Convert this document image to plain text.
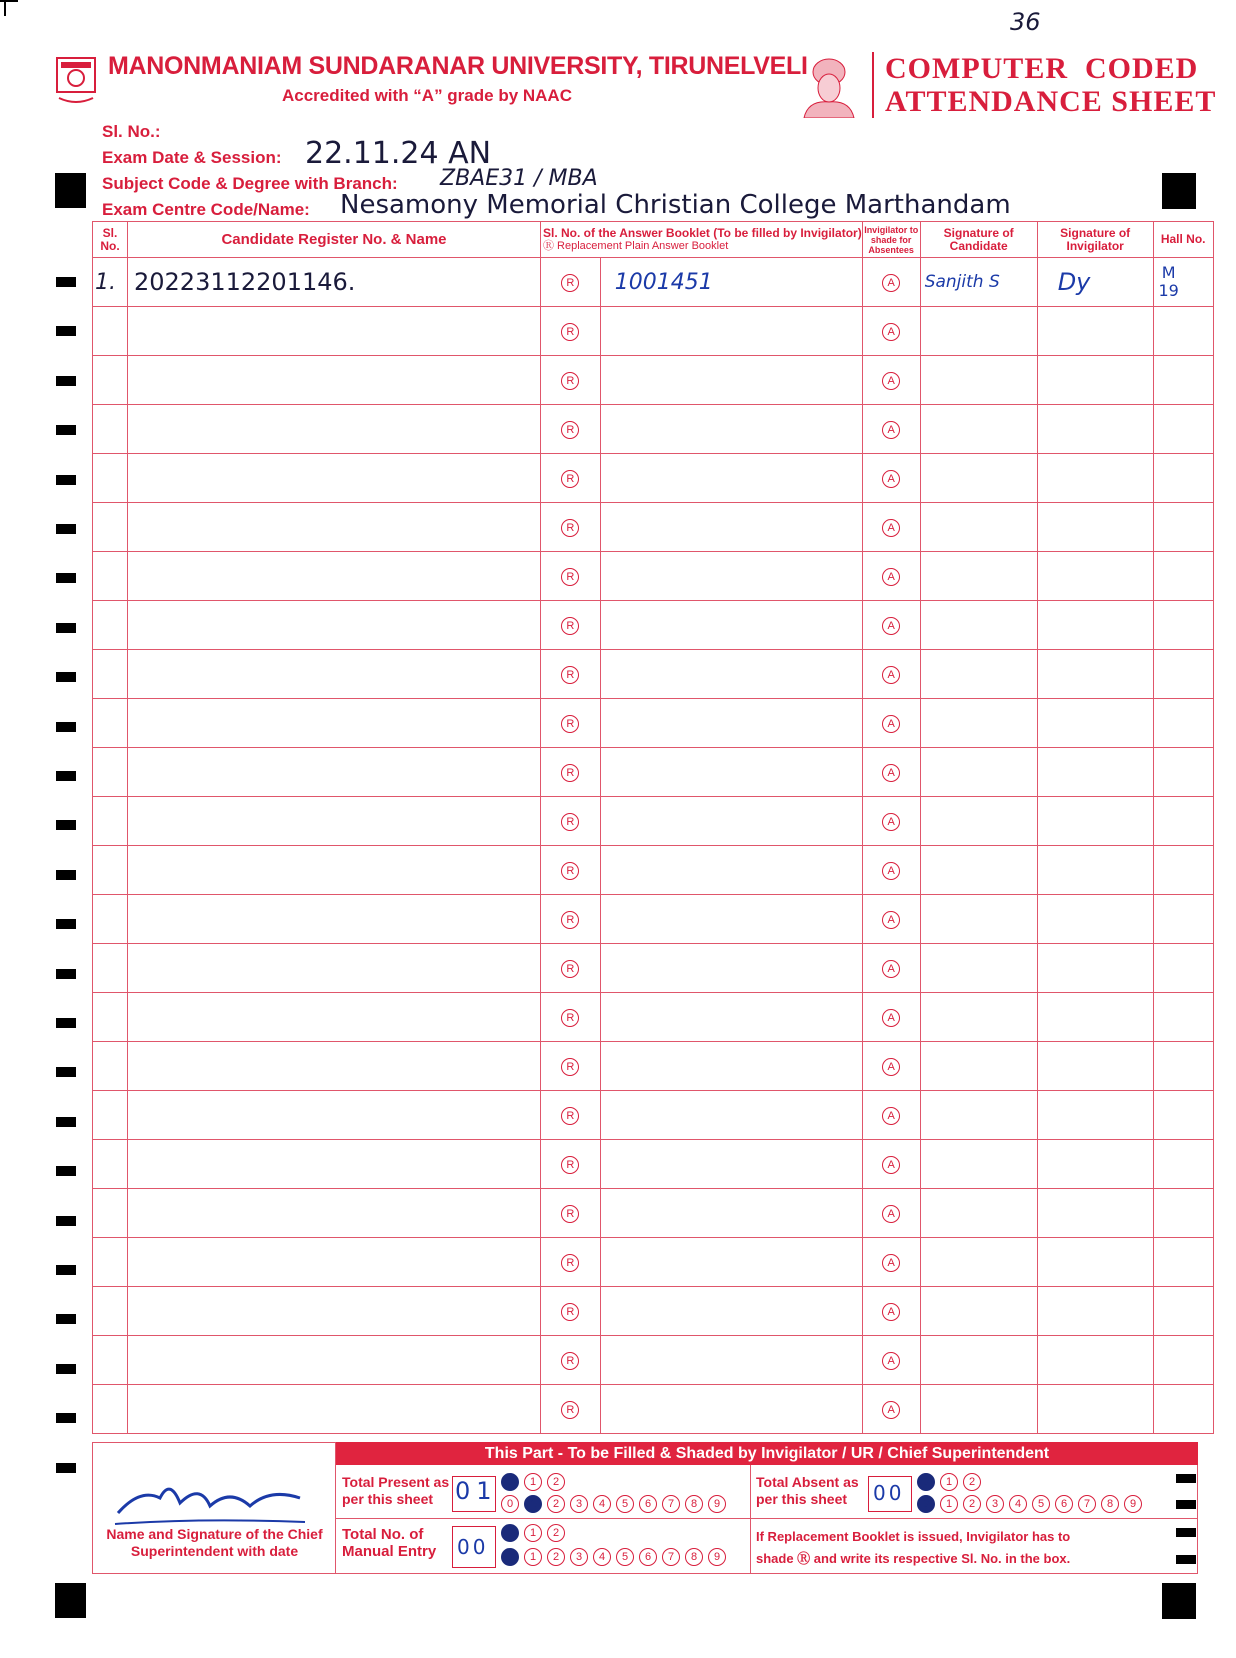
36
MANONMANIAM SUNDARANAR UNIVERSITY, TIRUNELVELI
Accredited with “A” grade by NAAC
COMPUTER  CODED
ATTENDANCE SHEET
Sl. No.:
Exam Date & Session: 22.11.24 AN
Subject Code & Degree with Branch: ZBAE31 / MBA
Exam Centre Code/Name: Nesamony Memorial Christian College Marthandam
Sl. No.	Candidate Register No. & Name	Sl. No. of the Answer Booklet (To be filled by Invigilator)
Ⓡ Replacement Plain Answer Booklet		Invigilator to shade for Absentees	Signature of Candidate	Signature of Invigilator	Hall No.
1.	20223112201146.	R	1001451	A	Sanjith S	Dy	M 19

		R		A			
		R		A			
		R		A			
		R		A			
		R		A			
		R		A			
		R		A			
		R		A			
		R		A			
		R		A			
		R		A			
		R		A			
		R		A			
		R		A			
		R		A			
		R		A			
		R		A			
		R		A			
		R		A			
		R		A			
		R		A			
		R		A			
		R		A			
This Part - To be Filled & Shaded by Invigilator / UR / Chief Superintendent
Name and Signature of the Chief Superintendent with date
Total Present as per this sheet 01 0 1 2
0 1 2 3 4 5 6 7 8 9
Total Absent as per this sheet	00	0 1 2
0 1 2 3 4 5 6 7 8 9
Total No. of Manual Entry 00
0 1 2
0 1 2 3 4 5 6 7 8 9
If Replacement Booklet is issued, Invigilator has to shade Ⓡ and write its respective Sl. No. in the box.
